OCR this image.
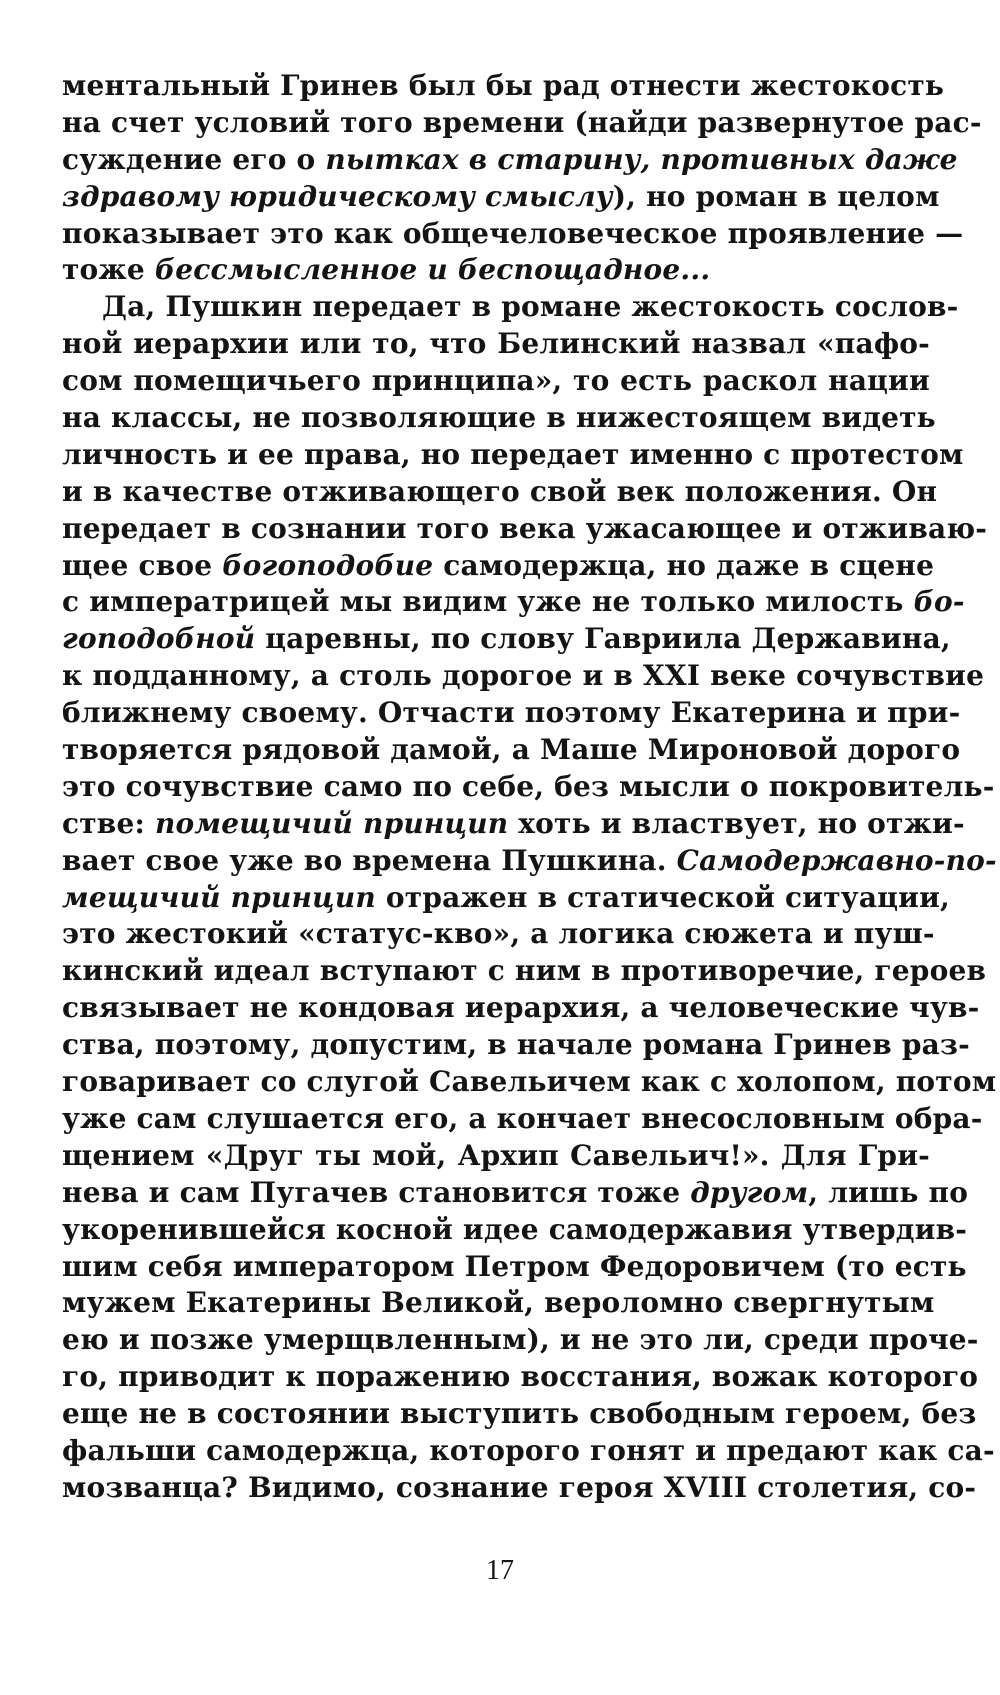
ментальный Гринев был бы рад отнести жестокость
на счет условий того времени (найди развернутое рас-
суждение его о пытках в старину, противных даже
здравому юридическому смыслу), но роман в целом
показывает это как общечеловеческое проявление —
тоже бессмысленное и беспощадное...
Да, Пушкин передает в романе жестокость сослов-
ной иерархии или то, что Белинский назвал «пафо-
сом помещичьего принципа», то есть раскол нации
на классы, не позволяющие в нижестоящем видеть
личность и ее права, но передает именно с протестом
и в качестве отживающего свой век положения. Он
передает в сознании того века ужасающее и отживаю-
щее свое богоподобие самодержца, но даже в сцене
с императрицей мы видим уже не только милость бо-
гоподобной царевны, по слову Гавриила Державина,
к подданному, а столь дорогое и в XXI веке сочувствие
ближнему своему. Отчасти поэтому Екатерина и при-
творяется рядовой дамой, а Маше Мироновой дорого
это сочувствие само по себе, без мысли о покровитель-
стве: помещичий принцип хоть и властвует, но отжи-
вает свое уже во времена Пушкина. Самодержавно-по-
мещичий принцип отражен в статической ситуации,
это жестокий «статус-кво», а логика сюжета и пуш-
кинский идеал вступают с ним в противоречие, героев
связывает не кондовая иерархия, а человеческие чув-
ства, поэтому, допустим, в начале романа Гринев раз-
говаривает со слугой Савельичем как с холопом, потом
уже сам слушается его, а кончает внесословным обра-
щением «Друг ты мой, Архип Савельич!». Для Гри-
нева и сам Пугачев становится тоже другом, лишь по
укоренившейся косной идее самодержавия утвердив-
шим себя императором Петром Федоровичем (то есть
мужем Екатерины Великой, вероломно свергнутым
ею и позже умерщвленным), и не это ли, среди проче-
го, приводит к поражению восстания, вожак которого
еще не в состоянии выступить свободным героем, без
фальши самодержца, которого гонят и предают как са-
мозванца? Видимо, сознание героя XVIII столетия, со-
17
